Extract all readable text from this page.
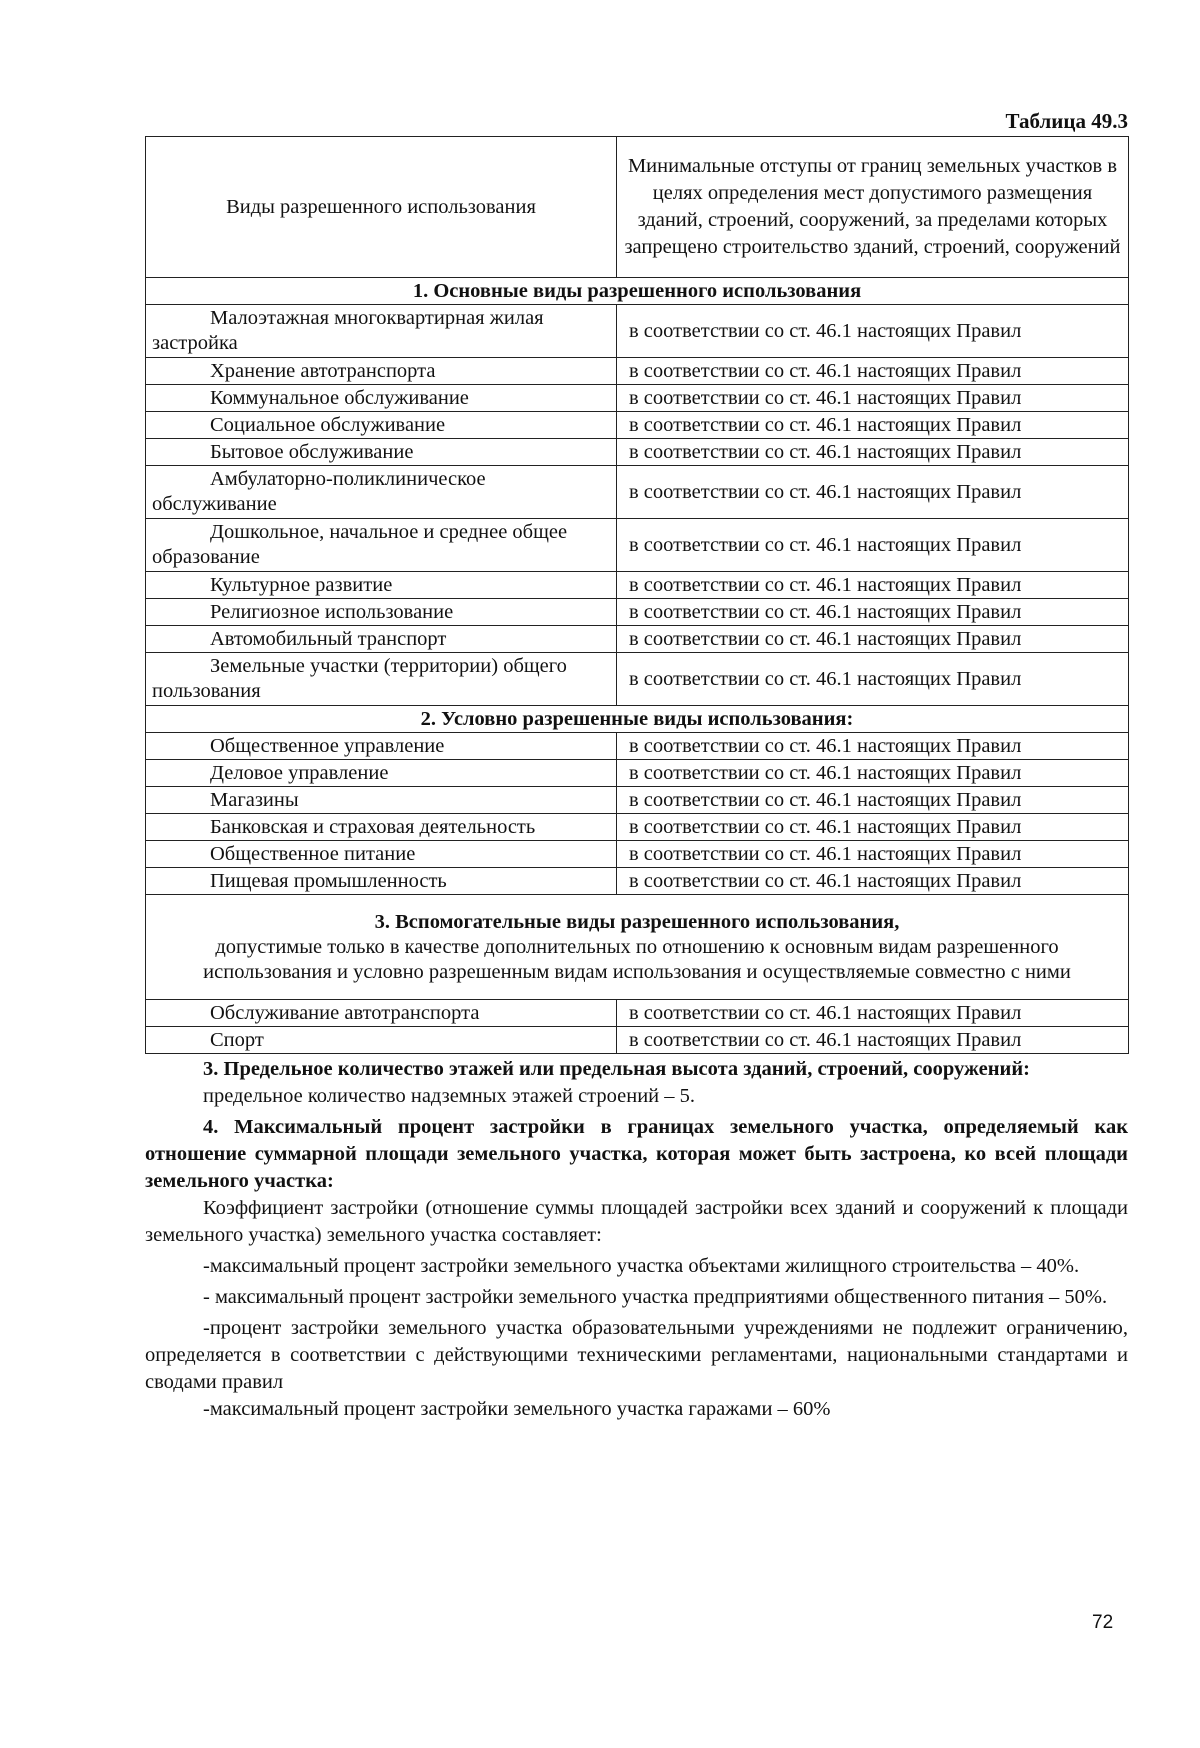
Таблица 49.3
Виды разрешенного использования	Минимальные отступы от границ земельных участков в целях определения мест допустимого размещения зданий, строений, сооружений, за пределами которых запрещено строительство зданий, строений, сооружений
1. Основные виды разрешенного использования	
Малоэтажная многоквартирная жилая застройка	в соответствии со ст. 46.1 настоящих Правил
Хранение автотранспорта	в соответствии со ст. 46.1 настоящих Правил
Коммунальное обслуживание	в соответствии со ст. 46.1 настоящих Правил
Социальное обслуживание	в соответствии со ст. 46.1 настоящих Правил
Бытовое обслуживание	в соответствии со ст. 46.1 настоящих Правил
Амбулаторно-поликлиническое обслуживание	в соответствии со ст. 46.1 настоящих Правил
Дошкольное, начальное и среднее общее образование	в соответствии со ст. 46.1 настоящих Правил
Культурное развитие	в соответствии со ст. 46.1 настоящих Правил
Религиозное использование	в соответствии со ст. 46.1 настоящих Правил
Автомобильный транспорт	в соответствии со ст. 46.1 настоящих Правил
Земельные участки (территории) общего пользования	в соответствии со ст. 46.1 настоящих Правил
2. Условно разрешенные виды использования:	
Общественное управление	в соответствии со ст. 46.1 настоящих Правил
Деловое управление	в соответствии со ст. 46.1 настоящих Правил
Магазины	в соответствии со ст. 46.1 настоящих Правил
Банковская и страховая деятельность	в соответствии со ст. 46.1 настоящих Правил
Общественное питание	в соответствии со ст. 46.1 настоящих Правил
Пищевая промышленность	в соответствии со ст. 46.1 настоящих Правил

3. Вспомогательные виды разрешенного использования,
допустимые только в качестве дополнительных по отношению к основным видам разрешенного использования и условно разрешенным видам использования и осуществляемые совместно с ними	

Обслуживание автотранспорта	в соответствии со ст. 46.1 настоящих Правил
Спорт	в соответствии со ст. 46.1 настоящих Правил

3. Предельное количество этажей или предельная высота зданий, строений, сооружений:

предельное количество надземных этажей строений – 5.

4. Максимальный процент застройки в границах земельного участка, определяемый как отношение суммарной площади земельного участка, которая может быть застроена, ко всей площади земельного участка:

Коэффициент застройки (отношение суммы площадей застройки всех зданий и сооружений к площади земельного участка) земельного участка составляет:

-максимальный процент застройки земельного участка объектами жилищного строительства – 40%.

- максимальный процент застройки земельного участка предприятиями общественного питания – 50%.

-процент застройки земельного участка образовательными учреждениями не подлежит ограничению, определяется в соответствии с действующими техническими регламентами, национальными стандартами и сводами правил

-максимальный процент застройки земельного участка гаражами – 60%

72
